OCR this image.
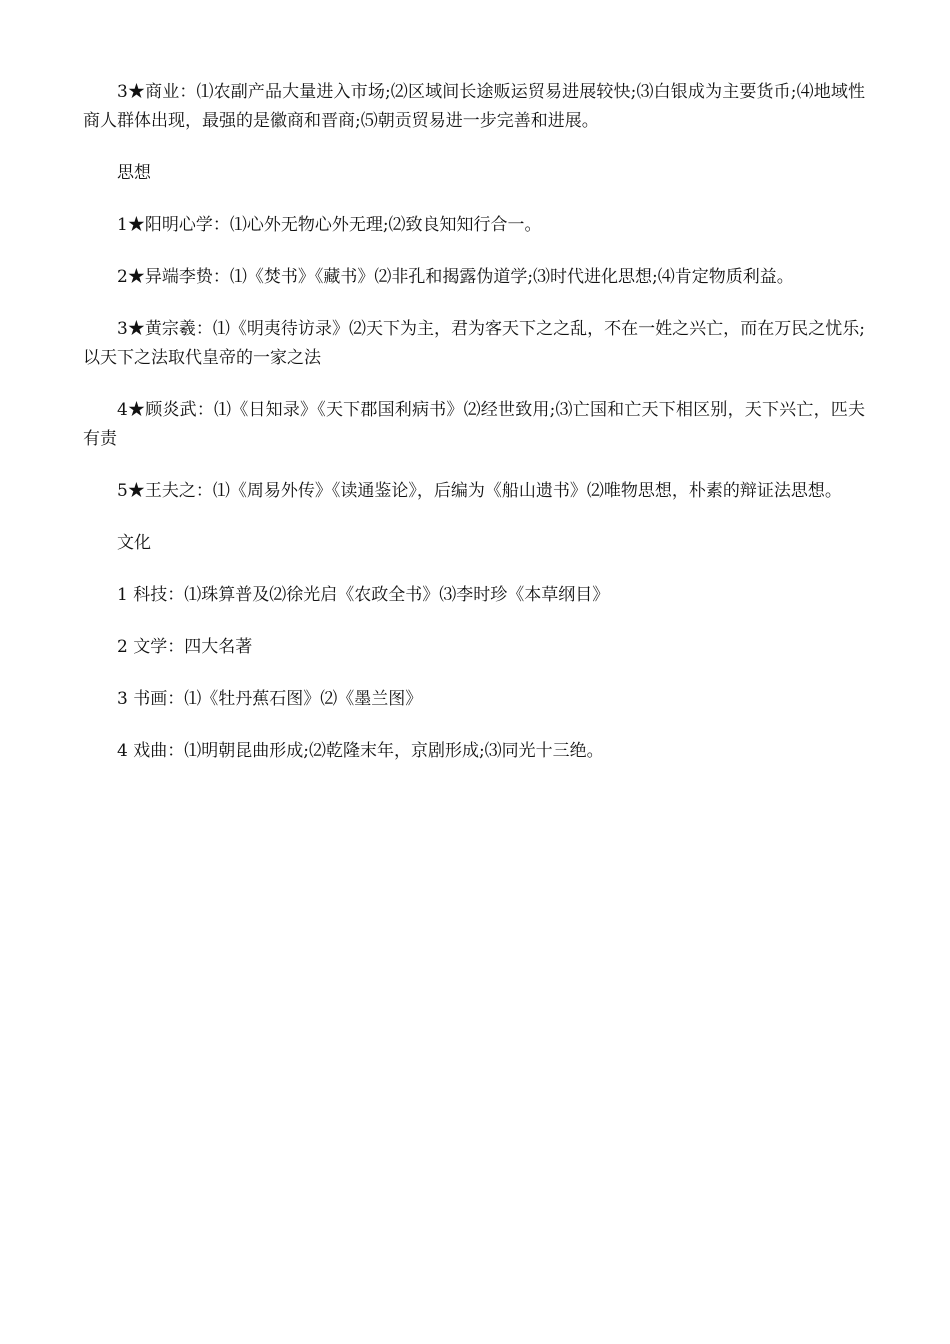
3★商业：⑴农副产品大量进入市场;⑵区域间长途贩运贸易进展较快;⑶白银成为主要货币;⑷地域性商人群体出现，最强的是徽商和晋商;⑸朝贡贸易进一步完善和进展。

思想

1★阳明心学：⑴心外无物心外无理;⑵致良知知行合一。

2★异端李贽：⑴《焚书》《藏书》⑵非孔和揭露伪道学;⑶时代进化思想;⑷肯定物质利益。

3★黄宗羲：⑴《明夷待访录》⑵天下为主，君为客天下之之乱，不在一姓之兴亡，而在万民之忧乐;以天下之法取代皇帝的一家之法

4★顾炎武：⑴《日知录》《天下郡国利病书》⑵经世致用;⑶亡国和亡天下相区别，天下兴亡，匹夫有责

5★王夫之：⑴《周易外传》《读通鉴论》，后编为《船山遗书》⑵唯物思想，朴素的辩证法思想。

文化

1 科技：⑴珠算普及⑵徐光启《农政全书》⑶李时珍《本草纲目》

2 文学：四大名著

3 书画：⑴《牡丹蕉石图》⑵《墨兰图》

4 戏曲：⑴明朝昆曲形成;⑵乾隆末年，京剧形成;⑶同光十三绝。
